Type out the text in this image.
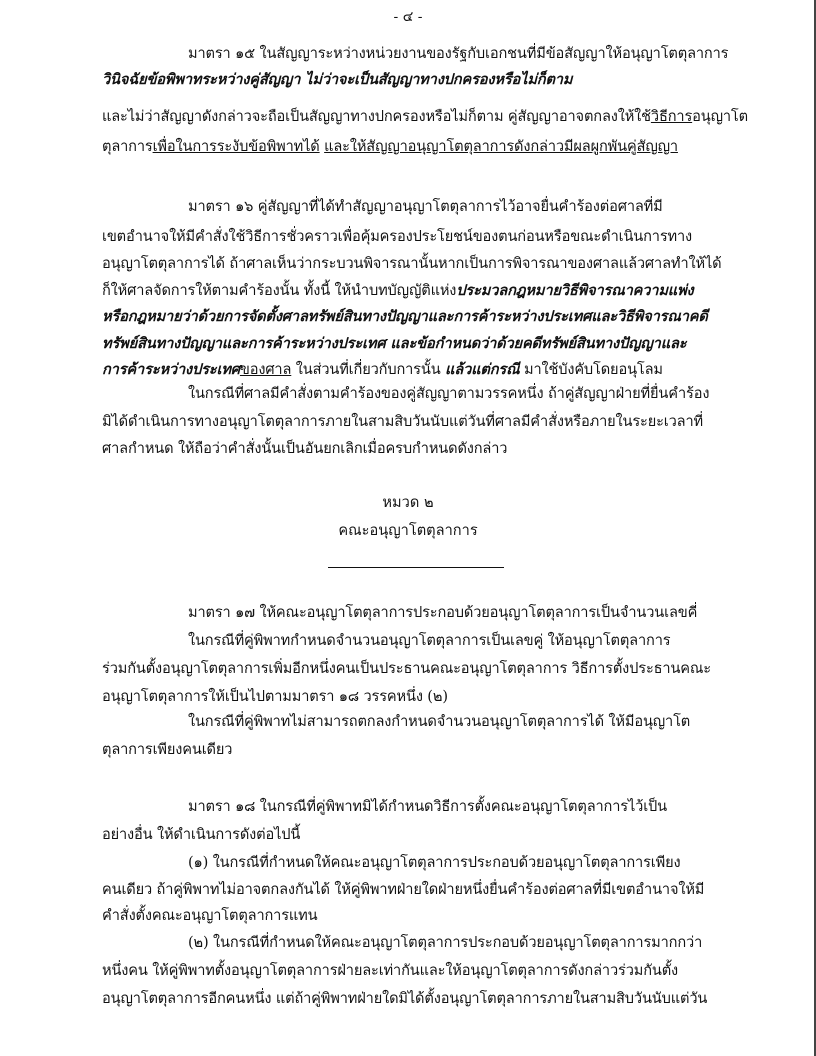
- ๔ -
มาตรา ๑๕ ในสัญญาระหว่างหน่วยงานของรัฐกับเอกชนที่มีข้อสัญญาให้อนุญาโตตุลาการ
วินิจฉัยข้อพิพาทระหว่างคู่สัญญา ไม่ว่าจะเป็นสัญญาทางปกครองหรือไม่ก็ตาม
และไม่ว่าสัญญาดังกล่าวจะถือเป็นสัญญาทางปกครองหรือไม่ก็ตาม คู่สัญญาอาจตกลงให้ใช้วิธีการอนุญาโต
ตุลาการเพื่อในการระงับข้อพิพาทได้ และให้สัญญาอนุญาโตตุลาการดังกล่าวมีผลผูกพันคู่สัญญา
มาตรา ๑๖ คู่สัญญาที่ได้ทำสัญญาอนุญาโตตุลาการไว้อาจยื่นคำร้องต่อศาลที่มี
เขตอำนาจให้มีคำสั่งใช้วิธีการชั่วคราวเพื่อคุ้มครองประโยชน์ของตนก่อนหรือขณะดำเนินการทาง
อนุญาโตตุลาการได้ ถ้าศาลเห็นว่ากระบวนพิจารณานั้นหากเป็นการพิจารณาของศาลแล้วศาลทำให้ได้
ก็ให้ศาลจัดการให้ตามคำร้องนั้น ทั้งนี้ ให้นำบทบัญญัติแห่งประมวลกฎหมายวิธีพิจารณาความแพ่ง
หรือกฎหมายว่าด้วยการจัดตั้งศาลทรัพย์สินทางปัญญาและการค้าระหว่างประเทศและวิธีพิจารณาคดี
ทรัพย์สินทางปัญญาและการค้าระหว่างประเทศ และข้อกำหนดว่าด้วยคดีทรัพย์สินทางปัญญาและ
การค้าระหว่างประเทศของศาล ในส่วนที่เกี่ยวกับการนั้น แล้วแต่กรณี มาใช้บังคับโดยอนุโลม
ในกรณีที่ศาลมีคำสั่งตามคำร้องของคู่สัญญาตามวรรคหนึ่ง ถ้าคู่สัญญาฝ่ายที่ยื่นคำร้อง
มิได้ดำเนินการทางอนุญาโตตุลาการภายในสามสิบวันนับแต่วันที่ศาลมีคำสั่งหรือภายในระยะเวลาที่
ศาลกำหนด ให้ถือว่าคำสั่งนั้นเป็นอันยกเลิกเมื่อครบกำหนดดังกล่าว
หมวด ๒
คณะอนุญาโตตุลาการ
มาตรา ๑๗ ให้คณะอนุญาโตตุลาการประกอบด้วยอนุญาโตตุลาการเป็นจำนวนเลขคี่
ในกรณีที่คู่พิพาทกำหนดจำนวนอนุญาโตตุลาการเป็นเลขคู่ ให้อนุญาโตตุลาการ
ร่วมกันตั้งอนุญาโตตุลาการเพิ่มอีกหนึ่งคนเป็นประธานคณะอนุญาโตตุลาการ วิธีการตั้งประธานคณะ
อนุญาโตตุลาการให้เป็นไปตามมาตรา ๑๘ วรรคหนึ่ง (๒)
ในกรณีที่คู่พิพาทไม่สามารถตกลงกำหนดจำนวนอนุญาโตตุลาการได้ ให้มีอนุญาโต
ตุลาการเพียงคนเดียว
มาตรา ๑๘ ในกรณีที่คู่พิพาทมิได้กำหนดวิธีการตั้งคณะอนุญาโตตุลาการไว้เป็น
อย่างอื่น ให้ดำเนินการดังต่อไปนี้
(๑) ในกรณีที่กำหนดให้คณะอนุญาโตตุลาการประกอบด้วยอนุญาโตตุลาการเพียง
คนเดียว ถ้าคู่พิพาทไม่อาจตกลงกันได้ ให้คู่พิพาทฝ่ายใดฝ่ายหนึ่งยื่นคำร้องต่อศาลที่มีเขตอำนาจให้มี
คำสั่งตั้งคณะอนุญาโตตุลาการแทน
(๒) ในกรณีที่กำหนดให้คณะอนุญาโตตุลาการประกอบด้วยอนุญาโตตุลาการมากกว่า
หนึ่งคน ให้คู่พิพาทตั้งอนุญาโตตุลาการฝ่ายละเท่ากันและให้อนุญาโตตุลาการดังกล่าวร่วมกันตั้ง
อนุญาโตตุลาการอีกคนหนึ่ง แต่ถ้าคู่พิพาทฝ่ายใดมิได้ตั้งอนุญาโตตุลาการภายในสามสิบวันนับแต่วัน
